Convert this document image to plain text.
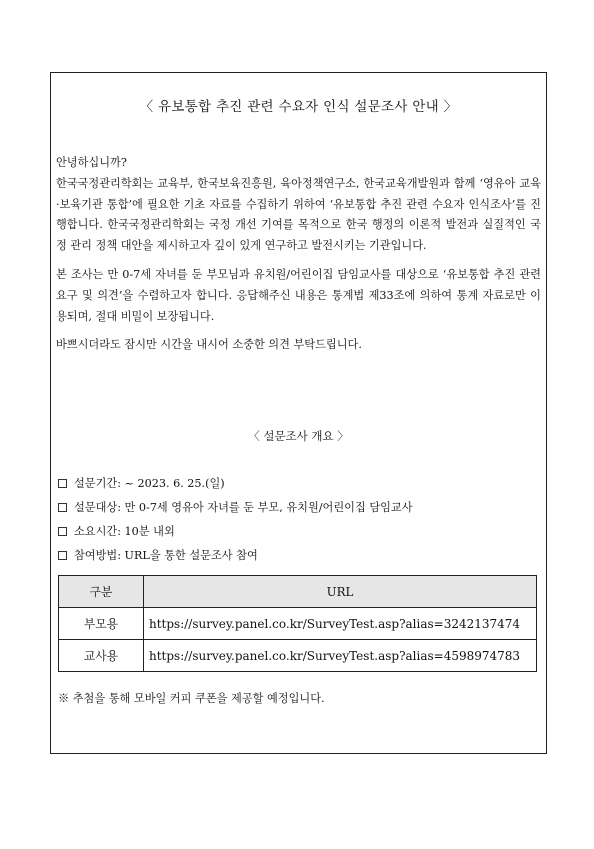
〈 유보통합 추진 관련 수요자 인식 설문조사 안내 〉

안녕하십니까?

한국국정관리학회는 교육부, 한국보육진흥원, 육아정책연구소, 한국교육개발원과 함께 ‘영유아 교육·보육기관 통합’에 필요한 기초 자료를 수집하기 위하여 ‘유보통합 추진 관련 수요자 인식조사’를 진행합니다. 한국국정관리학회는 국정 개선 기여를 목적으로 한국 행정의 이론적 발전과 실질적인 국정 관리 정책 대안을 제시하고자 깊이 있게 연구하고 발전시키는 기관입니다.

본 조사는 만 0-7세 자녀를 둔 부모님과 유치원/어린이집 담임교사를 대상으로 ‘유보통합 추진 관련 요구 및 의견’을 수렴하고자 합니다. 응답해주신 내용은 통계법 제33조에 의하여 통계 자료로만 이용되며, 절대 비밀이 보장됩니다.

바쁘시더라도 잠시만 시간을 내시어 소중한 의견 부탁드립니다.

〈 설문조사 개요 〉
설문기간: ~ 2023. 6. 25.(일)
설문대상: 만 0-7세 영유아 자녀를 둔 부모, 유치원/어린이집 담임교사
소요시간: 10분 내외
참여방법: URL을 통한 설문조사 참여
구분	URL
부모용	https://survey.panel.co.kr/SurveyTest.asp?alias=3242137474
교사용	https://survey.panel.co.kr/SurveyTest.asp?alias=4598974783
※ 추첨을 통해 모바일 커피 쿠폰을 제공할 예정입니다.
